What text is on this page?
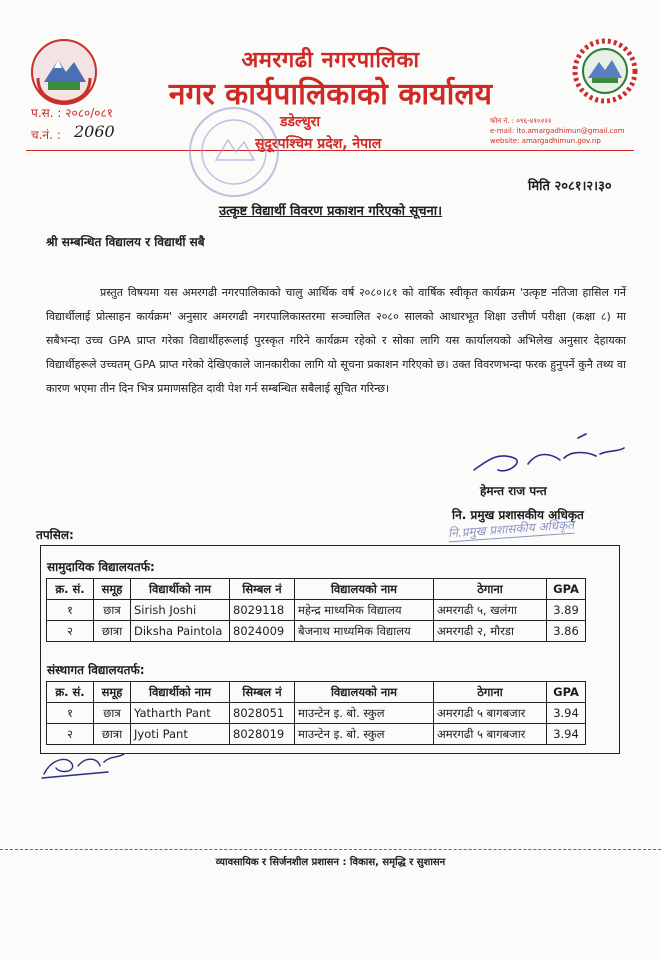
अमरगढी नगरपालिका
नगर कार्यपालिकाको कार्यालय
डडेल्धुरा
सुदूरपश्चिम प्रदेश, नेपाल
प.स. : २०८०/०८१
च.नं. : 2060
फोन नं. : ०९६-४१०२२२
e-mail: ito.amargadhimun@gmail.com
website: amargadhimun.gov.np
मिति २०८१।२।३०
उत्कृष्ट विद्यार्थी विवरण प्रकाशन गरिएको सूचना।
श्री सम्बन्धित विद्यालय र विद्यार्थी सबै

प्रस्तुत विषयमा यस अमरगढी नगरपालिकाको चालु आर्थिक वर्ष २०८०।८१ को वार्षिक स्वीकृत कार्यक्रम 'उत्कृष्ट नतिजा हासिल गर्ने विद्यार्थीलाई प्रोत्साहन कार्यक्रम' अनुसार अमरगढी नगरपालिकास्तरमा सञ्चालित २०८० सालको आधारभूत शिक्षा उत्तीर्ण परीक्षा (कक्षा ८) मा सबैभन्दा उच्च GPA प्राप्त गरेका विद्यार्थीहरूलाई पुरस्कृत गरिने कार्यक्रम रहेको र सोका लागि यस कार्यालयको अभिलेख अनुसार देहायका विद्यार्थीहरूले उच्चतम् GPA प्राप्त गरेको देखिएकाले जानकारीका लागि यो सूचना प्रकाशन गरिएको छ। उक्त विवरणभन्दा फरक हुनुपर्ने कुनै तथ्य वा कारण भएमा तीन दिन भित्र प्रमाणसहित दावी पेश गर्न सम्बन्धित सबैलाई सूचित गरिन्छ।

हेमन्त राज पन्त
नि. प्रमुख प्रशासकीय अधिकृत
नि.प्रमुख प्रशासकीय अधिकृत
तपसिल:
सामुदायिक विद्यालयतर्फ:
क्र. सं.	समूह	विद्यार्थीको नाम	सिम्बल नं	विद्यालयको नाम	ठेगाना	GPA
१	छात्र	Sirish Joshi	8029118	महेन्द्र माध्यमिक विद्यालय	अमरगढी ५, खलंगा	3.89
२	छात्रा	Diksha Paintola	8024009	बैजनाथ माध्यमिक विद्यालय	अमरगढी २, मौरडा	3.86
संस्थागत विद्यालयतर्फ:
क्र. सं.	समूह	विद्यार्थीको नाम	सिम्बल नं	विद्यालयको नाम	ठेगाना	GPA
१	छात्र	Yatharth Pant	8028051	माउन्टेन इ. बो. स्कुल	अमरगढी ५ बागबजार	3.94
२	छात्रा	Jyoti Pant	8028019	माउन्टेन इ. बो. स्कुल	अमरगढी ५ बागबजार	3.94
व्यावसायिक र सिर्जनशील प्रशासन : विकास, समृद्धि र सुशासन
